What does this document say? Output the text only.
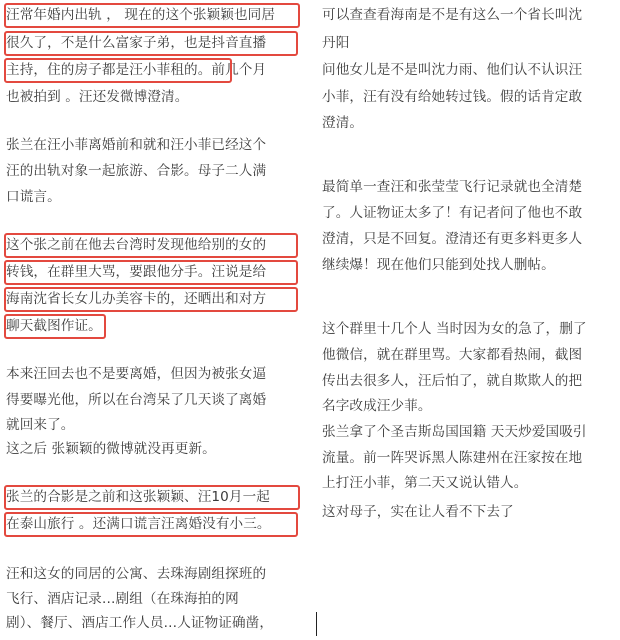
汪常年婚内出轨 ， 现在的这个张颖颖也同居
很久了，不是什么富家子弟，也是抖音直播
主持，住的房子都是汪小菲租的。前几个月
也被拍到 。汪还发微博澄清。
张兰在汪小菲离婚前和就和汪小菲已经这个
汪的出轨对象一起旅游、合影。母子二人满
口谎言。
这个张之前在他去台湾时发现他给别的女的
转钱，在群里大骂，要跟他分手。汪说是给
海南沈省长女儿办美容卡的，还晒出和对方
聊天截图作证。
本来汪回去也不是要离婚，但因为被张女逼
得要曝光他，所以在台湾呆了几天谈了离婚
就回来了。
这之后 张颖颖的微博就没再更新。
张兰的合影是之前和这张颖颖、汪10月一起
在泰山旅行 。还满口谎言汪离婚没有小三。
汪和这女的同居的公寓、去珠海剧组探班的
飞行、酒店记录…剧组（在珠海拍的网
剧）、餐厅、酒店工作人员…人证物证确凿，
可以查查看海南是不是有这么一个省长叫沈
丹阳
问他女儿是不是叫沈力雨、他们认不认识汪
小菲，汪有没有给她转过钱。假的话肯定敢
澄清。
最简单一查汪和张莹莹飞行记录就也全清楚
了。人证物证太多了！有记者问了他也不敢
澄清，只是不回复。澄清还有更多料更多人
继续爆！现在他们只能到处找人删帖。
这个群里十几个人 当时因为女的急了，删了
他微信，就在群里骂。大家都看热闹，截图
传出去很多人，汪后怕了，就自欺欺人的把
名字改成汪少菲。
张兰拿了个圣吉斯岛国国籍 天天炒爱国吸引
流量。前一阵哭诉黑人陈建州在汪家按在地
上打汪小菲，第二天又说认错人。
这对母子，实在让人看不下去了
